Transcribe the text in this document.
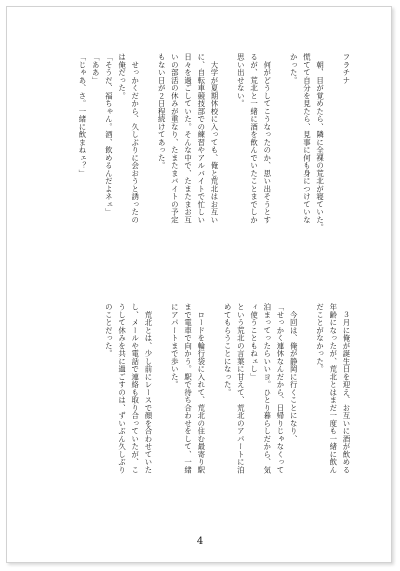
フラチナ

　朝、目が覚めたら、隣に全裸の荒北が寝ていた。
慌てて自分を見たら、見事に何も身につけていな
かった。

　何がどうしてこうなったのか、思い出そうとす
るが、荒北と一緒に酒を飲んでいたことまでしか
思い出せない。

　大学が夏期休校に入っても、俺と荒北はお互い
に、自転車競技部での練習やアルバイトで忙しい
日々を過ごしていた。そんな中で、たまたまお互
いの部活の休みが重なり、たまたまバイトの予定
もない日が２日程続けてあった。

　せっかくだから、久しぶりに会おうと誘ったの
は俺だった。
「そうだ、福ちゃん。酒、飲めるんだよネェ」
「ああ」
「じゃあ、さ。一緒に飲まねェ？」
　３月に俺が誕生日を迎え、お互いに酒が飲める
年齢になったが、荒北とはまだ一度も一緒に飲ん
だことがなかった。

　今回は、俺が静岡に行くことになり、
「せっかく連休なんだから、日帰りじゃなくって
泊まってったらいいヨ。ひとり暮らしだから、気
ィ使うこともねェし」
という荒北の言葉に甘えて、荒北のアパートに泊
めてもらうことになった。

　ロードを輪行袋に入れて、荒北の住む最寄り駅
まで電車で向かう。駅で待ち合わせをして、一緒
にアパートまで歩いた。

　荒北とは、少し前にレースで顔を合わせていた
し、メールや電話で連絡も取り合っていたが、こ
うして休みを共に過ごすのは、ずいぶん久しぶり
のことだった。
4
